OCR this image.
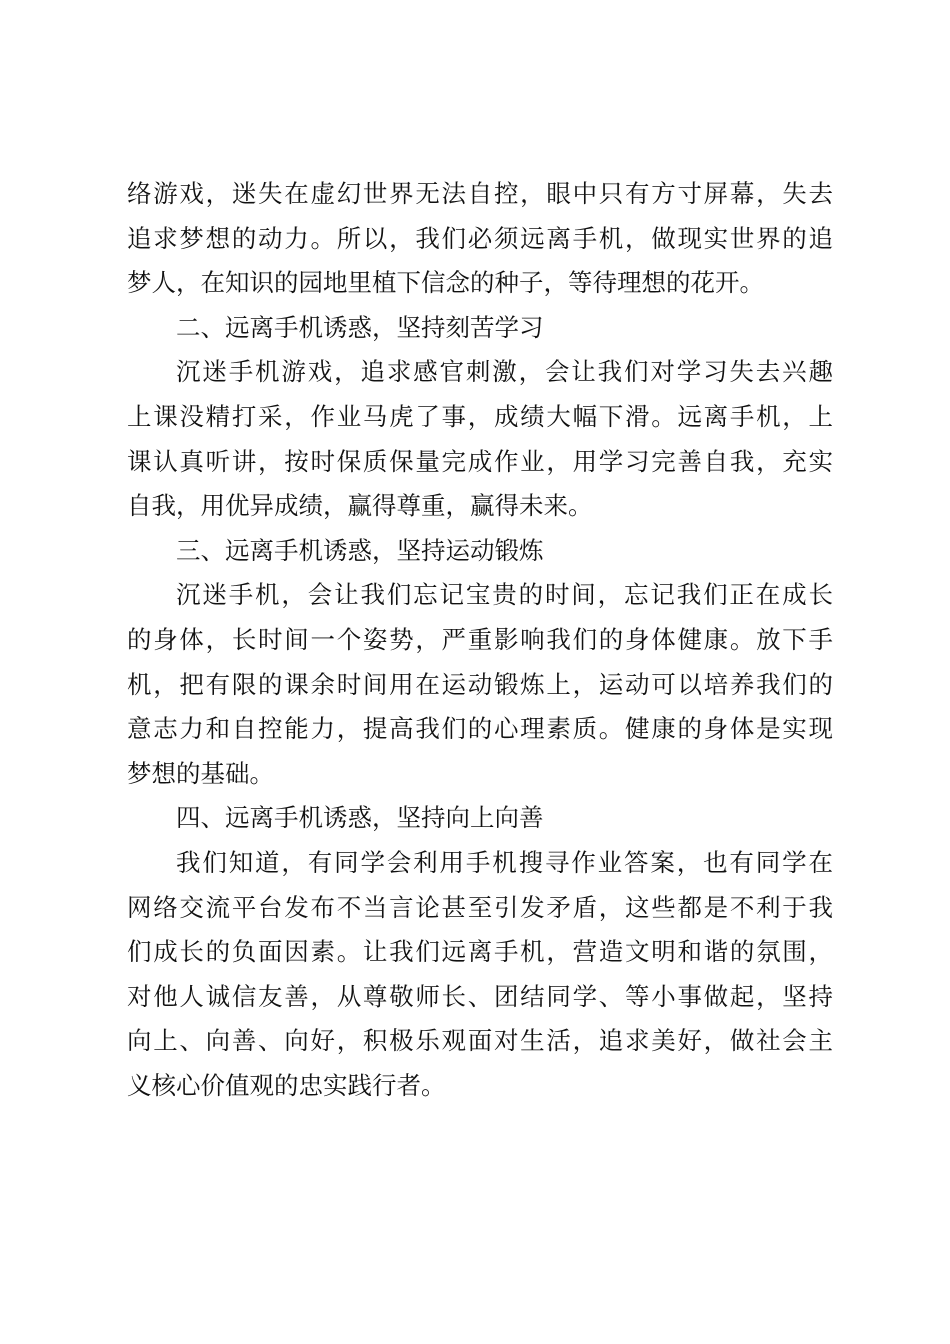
络游戏，迷失在虚幻世界无法自控，眼中只有方寸屏幕，失去
追求梦想的动力。所以，我们必须远离手机，做现实世界的追
梦人，在知识的园地里植下信念的种子，等待理想的花开。
二、远离手机诱惑，坚持刻苦学习
沉迷手机游戏，追求感官刺激，会让我们对学习失去兴趣
上课没精打采，作业马虎了事，成绩大幅下滑。远离手机，上
课认真听讲，按时保质保量完成作业，用学习完善自我，充实
自我，用优异成绩，赢得尊重，赢得未来。
三、远离手机诱惑，坚持运动锻炼
沉迷手机，会让我们忘记宝贵的时间，忘记我们正在成长
的身体，长时间一个姿势，严重影响我们的身体健康。放下手
机，把有限的课余时间用在运动锻炼上，运动可以培养我们的
意志力和自控能力，提高我们的心理素质。健康的身体是实现
梦想的基础。
四、远离手机诱惑，坚持向上向善
我们知道，有同学会利用手机搜寻作业答案，也有同学在
网络交流平台发布不当言论甚至引发矛盾，这些都是不利于我
们成长的负面因素。让我们远离手机，营造文明和谐的氛围，
对他人诚信友善，从尊敬师长、团结同学、等小事做起，坚持
向上、向善、向好，积极乐观面对生活，追求美好，做社会主
义核心价值观的忠实践行者。
